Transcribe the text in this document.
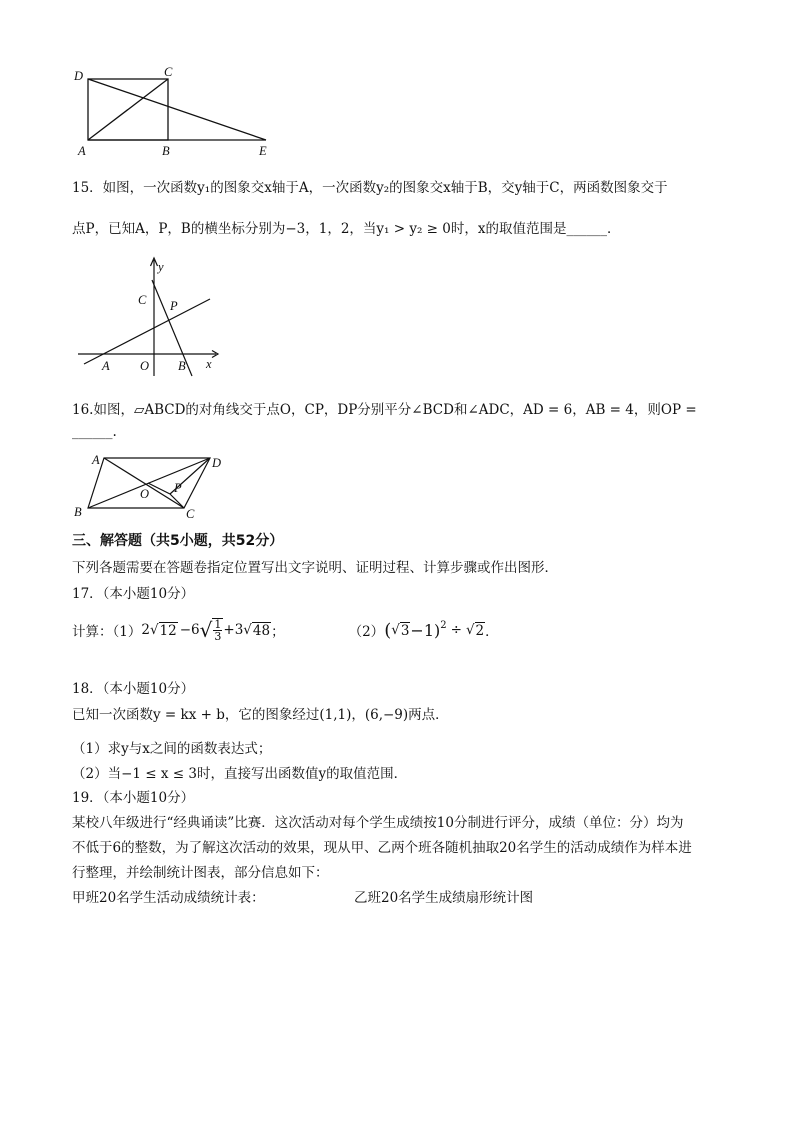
D	C
A	B	E
15．如图，一次函数y₁的图象交x轴于A，一次函数y₂的图象交x轴于B，交y轴于C，两函数图象交于
点P，已知A，P，B的横坐标分别为−3，1，2，当y₁ > y₂ ≥ 0时，x的取值范围是______．
y
x
C P
A O B
16.如图，▱ABCD的对角线交于点O，CP，DP分别平分∠BCD和∠ADC，AD = 6，AB = 4，则OP =
______.
A	D
O P
B	C
三、解答题（共5小题，共52分）
下列各题需要在答题卷指定位置写出文字说明、证明过程、计算步骤或作出图形．
17．（本小题10分）
计算：（1） 2 √ 12 −6 √ $\frac{1}{3} +3$ √ 48 ；	（2） ( √ 3 −1)$^2$ ÷ √ 2 ．
18．（本小题10分）
已知一次函数y = kx + b，它的图象经过(1,1)，(6,−9)两点．
（1）求y与x之间的函数表达式；
（2）当−1 ≤ x ≤ 3时，直接写出函数值y的取值范围．
19．（本小题10分）
某校八年级进行“经典诵读”比赛．这次活动对每个学生成绩按10分制进行评分，成绩（单位：分）均为
不低于6的整数，为了解这次活动的效果，现从甲、乙两个班各随机抽取20名学生的活动成绩作为样本进
行整理，并绘制统计图表，部分信息如下：
甲班20名学生活动成绩统计表：	乙班20名学生成绩扇形统计图
